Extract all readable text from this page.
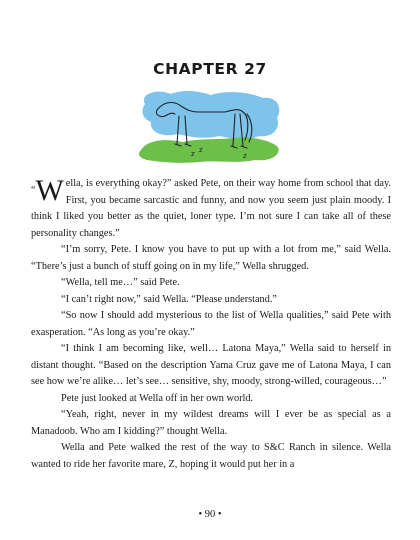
CHAPTER 27
z z
z

“W ella, is everything okay?” asked Pete, on their way home from school that day. First, you became sarcastic and funny, and now you seem just plain moody. I think I liked you better as the quiet, loner type. I’m not sure I can take all of these personality changes.”

“I’m sorry, Pete. I know you have to put up with a lot from me,” said Wella. “There’s just a bunch of stuff going on in my life,” Wella shrugged.

“Wella, tell me…” said Pete.

“I can’t right now,” said Wella. “Please understand.”

“So now I should add mysterious to the list of Wella qualities,” said Pete with exasperation. “As long as you’re okay.”

“I think I am becoming like, well… Latona Maya,” Wella said to herself in distant thought. “Based on the description Yama Cruz gave me of Latona Maya, I can see how we’re alike… let’s see… sensitive, shy, moody, strong-willed, courageous…”

Pete just looked at Wella off in her own world.

“Yeah, right, never in my wildest dreams will I ever be as special as a Manadoob. Who am I kidding?” thought Wella.

Wella and Pete walked the rest of the way to S&C Ranch in silence. Wella wanted to ride her favorite mare, Z, hoping it would put her in a

• 90 •
